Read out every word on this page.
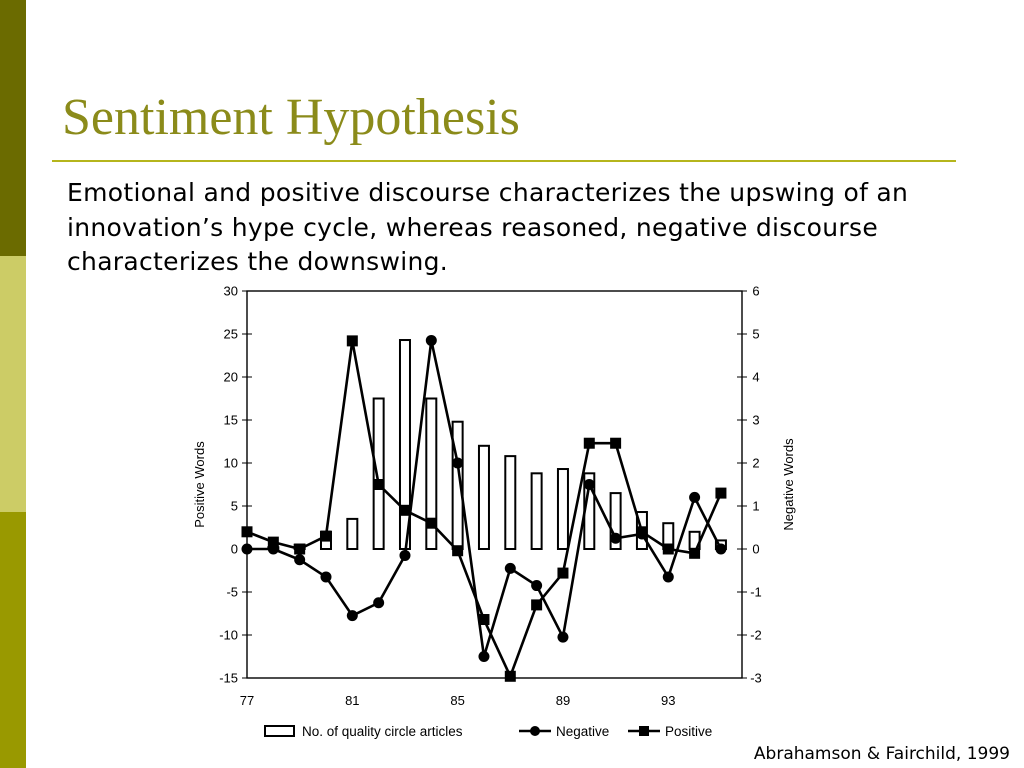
Sentiment Hypothesis

Emotional and positive discourse characterizes the upswing of an innovation’s hype cycle, whereas reasoned, negative discourse characterizes the downswing.

30
25
20
15
10
5
0
-5
-10
-15
6
5
4
3
2
1
0
-1
-2
-3
77	81	85	89	93
Positive Words	Negative Words
No. of quality circle articles	Negative	Positive

Abrahamson & Fairchild, 1999
